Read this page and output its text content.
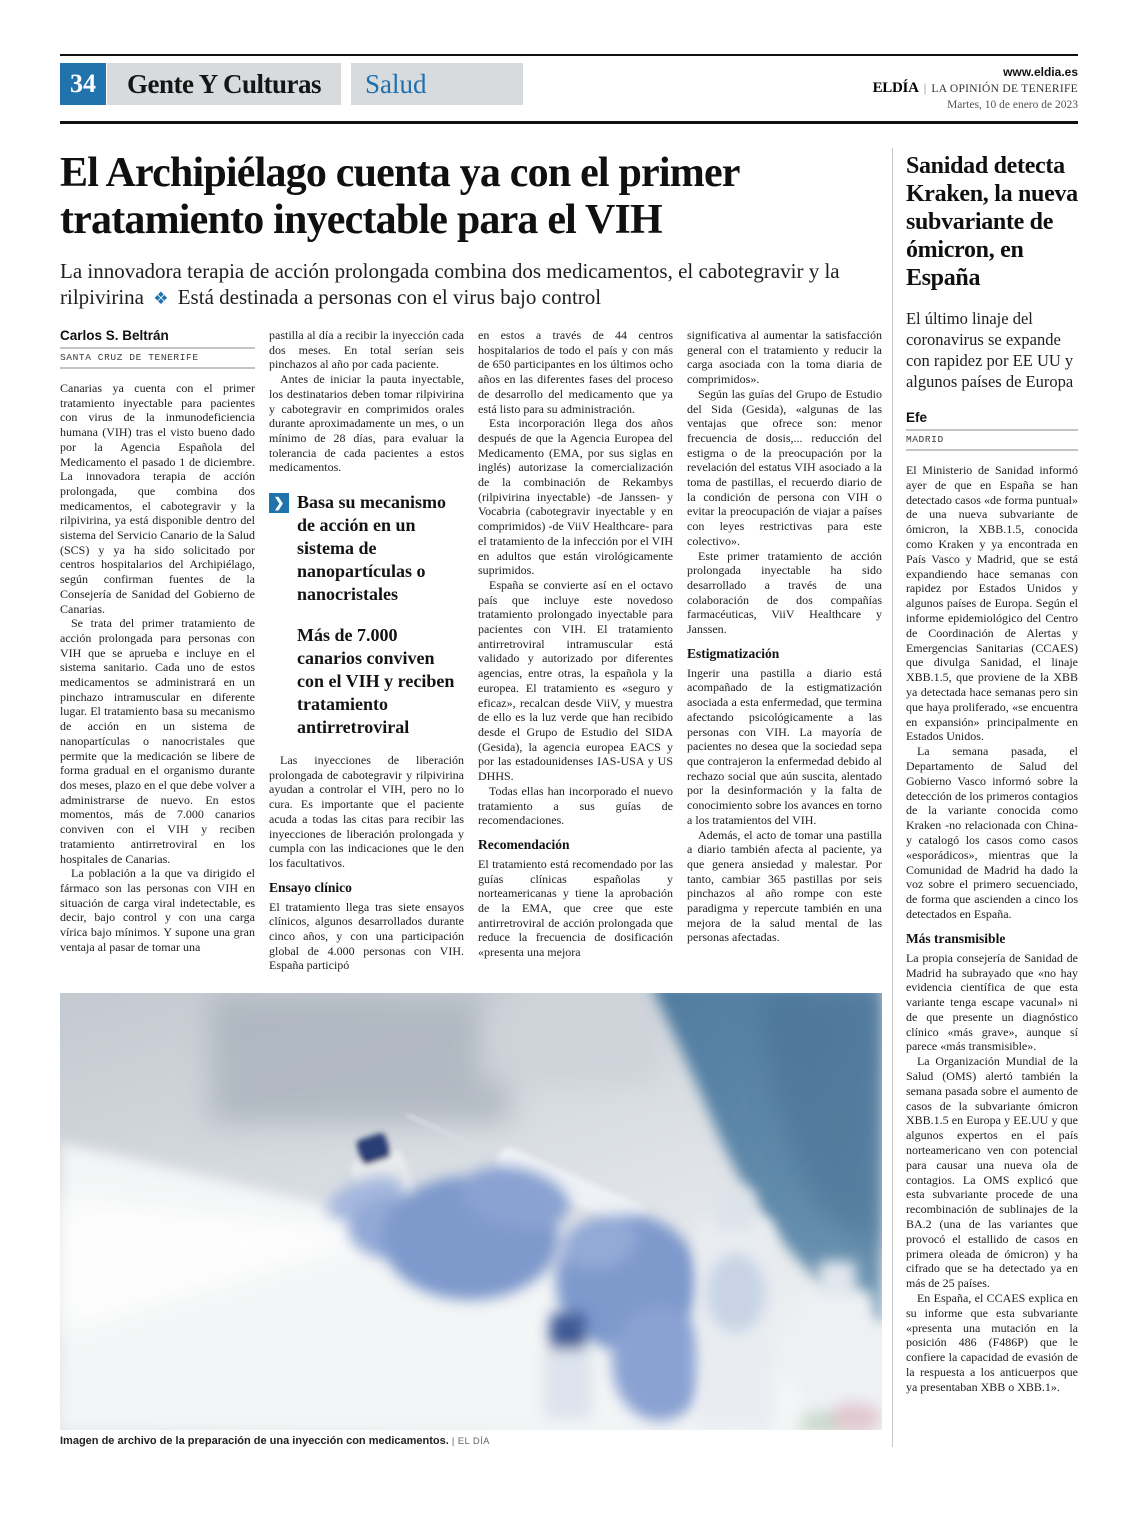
34	Gente Y Culturas	Salud	www.eldia.es
ELDÍA | LA OPINIÓN DE TENERIFE
Martes, 10 de enero de 2023
El Archipiélago cuenta ya con el primer tratamiento inyectable para el VIH
La innovadora terapia de acción prolongada combina dos medicamentos, el cabotegravir y la rilpivirina ❖ Está destinada a personas con el virus bajo control
Carlos S. Beltrán
SANTA CRUZ DE TENERIFE

Canarias ya cuenta con el primer tratamiento inyectable para pacientes con virus de la inmunodeficiencia humana (VIH) tras el visto bueno dado por la Agencia Española del Medicamento el pasado 1 de diciembre. La innovadora terapia de acción prolongada, que combina dos medicamentos, el cabotegravir y la rilpivirina, ya está disponible dentro del sistema del Servicio Canario de la Salud (SCS) y ya ha sido solicitado por centros hospitalarios del Archipiélago, según confirman fuentes de la Consejería de Sanidad del Gobierno de Canarias.

Se trata del primer tratamiento de acción prolongada para personas con VIH que se aprueba e incluye en el sistema sanitario. Cada uno de estos medicamentos se administrará en un pinchazo intramuscular en diferente lugar. El tratamiento basa su mecanismo de acción en un sistema de nanopartículas o nanocristales que permite que la medicación se libere de forma gradual en el organismo durante dos meses, plazo en el que debe volver a administrarse de nuevo. En estos momentos, más de 7.000 canarios conviven con el VIH y reciben tratamiento antirretroviral en los hospitales de Canarias.

La población a la que va dirigido el fármaco son las personas con VIH en situación de carga viral indetectable, es decir, bajo control y con una carga vírica bajo mínimos. Y supone una gran ventaja al pasar de tomar una

pastilla al día a recibir la inyección cada dos meses. En total serían seis pinchazos al año por cada paciente.

Antes de iniciar la pauta inyectable, los destinatarios deben tomar rilpivirina y cabotegravir en comprimidos orales durante aproximadamente un mes, o un mínimo de 28 días, para evaluar la tolerancia de cada pacientes a estos medicamentos.

❯ Basa su mecanismo de acción en un sistema de nanopartículas o nanocristales
Más de 7.000 canarios conviven con el VIH y reciben tratamiento antirretroviral

Las inyecciones de liberación prolongada de cabotegravir y rilpivirina ayudan a controlar el VIH, pero no lo cura. Es importante que el paciente acuda a todas las citas para recibir las inyecciones de liberación prolongada y cumpla con las indicaciones que le den los facultativos.

Ensayo clínico

El tratamiento llega tras siete ensayos clínicos, algunos desarrollados durante cinco años, y con una participación global de 4.000 personas con VIH. España participó

en estos a través de 44 centros hospitalarios de todo el país y con más de 650 participantes en los últimos ocho años en las diferentes fases del proceso de desarrollo del medicamento que ya está listo para su administración.

Esta incorporación llega dos años después de que la Agencia Europea del Medicamento (EMA, por sus siglas en inglés) autorizase la comercialización de la combinación de Rekambys (rilpivirina inyectable) -de Janssen- y Vocabria (cabotegravir inyectable y en comprimidos) -de ViiV Healthcare- para el tratamiento de la infección por el VIH en adultos que están virológicamente suprimidos.

España se convierte así en el octavo país que incluye este novedoso tratamiento prolongado inyectable para pacientes con VIH. El tratamiento antirretroviral intramuscular está validado y autorizado por diferentes agencias, entre otras, la española y la europea. El tratamiento es «seguro y eficaz», recalcan desde ViiV, y muestra de ello es la luz verde que han recibido desde el Grupo de Estudio del SIDA (Gesida), la agencia europea EACS y por las estadounidenses IAS-USA y US DHHS.

Todas ellas han incorporado el nuevo tratamiento a sus guías de recomendaciones.

Recomendación

El tratamiento está recomendado por las guías clínicas españolas y norteamericanas y tiene la aprobación de la EMA, que cree que este antirretroviral de acción prolongada que reduce la frecuencia de dosificación «presenta una mejora

significativa al aumentar la satisfacción general con el tratamiento y reducir la carga asociada con la toma diaria de comprimidos».

Según las guías del Grupo de Estudio del Sida (Gesida), «algunas de las ventajas que ofrece son: menor frecuencia de dosis,... reducción del estigma o de la preocupación por la revelación del estatus VIH asociado a la toma de pastillas, el recuerdo diario de la condición de persona con VIH o evitar la preocupación de viajar a países con leyes restrictivas para este colectivo».

Este primer tratamiento de acción prolongada inyectable ha sido desarrollado a través de una colaboración de dos compañías farmacéuticas, ViiV Healthcare y Janssen.

Estigmatización

Ingerir una pastilla a diario está acompañado de la estigmatización asociada a esta enfermedad, que termina afectando psicológicamente a las personas con VIH. La mayoría de pacientes no desea que la sociedad sepa que contrajeron la enfermedad debido al rechazo social que aún suscita, alentado por la desinformación y la falta de conocimiento sobre los avances en torno a los tratamientos del VIH.

Además, el acto de tomar una pastilla a diario también afecta al paciente, ya que genera ansiedad y malestar. Por tanto, cambiar 365 pastillas por seis pinchazos al año rompe con este paradigma y repercute también en una mejora de la salud mental de las personas afectadas.

Imagen de archivo de la preparación de una inyección con medicamentos. | EL DÍA
Sanidad detecta Kraken, la nueva subvariante de ómicron, en España
El último linaje del coronavirus se expande con rapidez por EE UU y algunos países de Europa
Efe
MADRID

El Ministerio de Sanidad informó ayer de que en España se han detectado casos «de forma puntual» de una nueva subvariante de ómicron, la XBB.1.5, conocida como Kraken y ya encontrada en País Vasco y Madrid, que se está expandiendo hace semanas con rapidez por Estados Unidos y algunos países de Europa. Según el informe epidemiológico del Centro de Coordinación de Alertas y Emergencias Sanitarias (CCAES) que divulga Sanidad, el linaje XBB.1.5, que proviene de la XBB ya detectada hace semanas pero sin que haya proliferado, «se encuentra en expansión» principalmente en Estados Unidos.

La semana pasada, el Departamento de Salud del Gobierno Vasco informó sobre la detección de los primeros contagios de la variante conocida como Kraken -no relacionada con China- y catalogó los casos como casos «esporádicos», mientras que la Comunidad de Madrid ha dado la voz sobre el primero secuenciado, de forma que ascienden a cinco los detectados en España.

Más transmisible

La propia consejería de Sanidad de Madrid ha subrayado que «no hay evidencia científica de que esta variante tenga escape vacunal» ni de que presente un diagnóstico clínico «más grave», aunque sí parece «más transmisible».

La Organización Mundial de la Salud (OMS) alertó también la semana pasada sobre el aumento de casos de la subvariante ómicron XBB.1.5 en Europa y EE.UU y que algunos expertos en el país norteamericano ven con potencial para causar una nueva ola de contagios. La OMS explicó que esta subvariante procede de una recombinación de sublinajes de la BA.2 (una de las variantes que provocó el estallido de casos en primera oleada de ómicron) y ha cifrado que se ha detectado ya en más de 25 países.

En España, el CCAES explica en su informe que esta subvariante «presenta una mutación en la posición 486 (F486P) que le confiere la capacidad de evasión de la respuesta a los anticuerpos que ya presentaban XBB o XBB.1».
